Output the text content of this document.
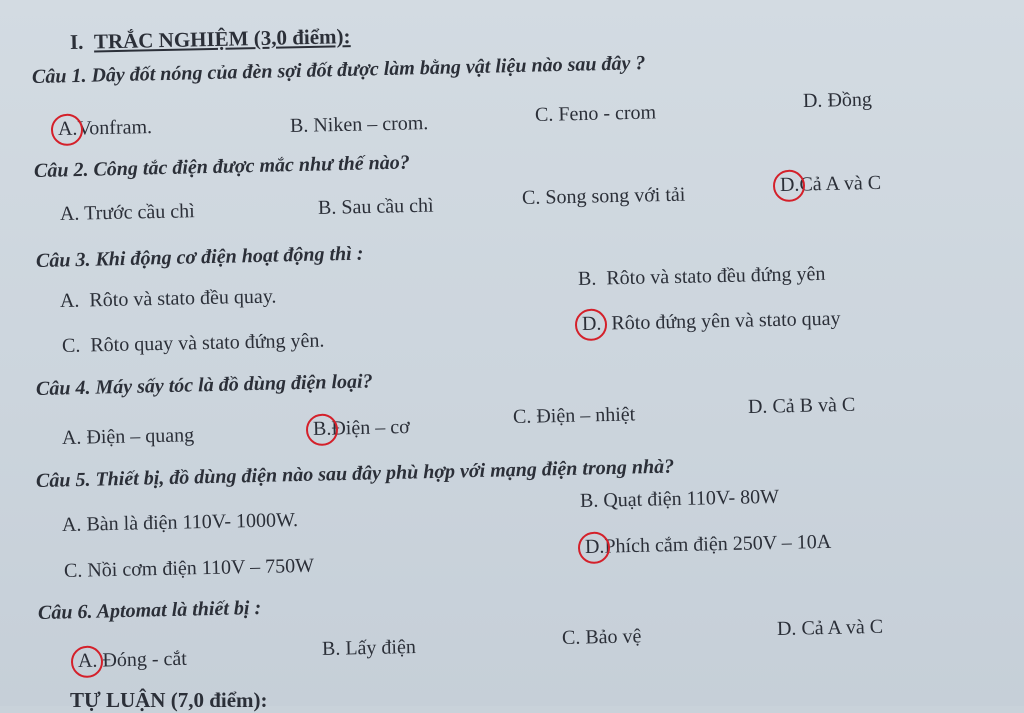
I. TRẮC NGHIỆM (3,0 điểm):
Câu 1. Dây đốt nóng của đèn sợi đốt được làm bằng vật liệu nào sau đây ?
A.Vonfram.	B. Niken – crom.	C. Feno - crom
D. Đồng
Câu 2. Công tắc điện được mắc như thế nào?
A. Trước cầu chì	B. Sau cầu chì	C. Song song với tải	D.Cả A và C
Câu 3. Khi động cơ điện hoạt động thì :
A. Rôto và stato đều quay.
B. Rôto và stato đều đứng yên
C. Rôto quay và stato đứng yên.
D. Rôto đứng yên và stato quay
Câu 4. Máy sấy tóc là đồ dùng điện loại?
A. Điện – quang	B.Điện – cơ	C. Điện – nhiệt	D. Cả B và C
Câu 5. Thiết bị, đồ dùng điện nào sau đây phù hợp với mạng điện trong nhà?
A. Bàn là điện 110V- 1000W.
B. Quạt điện 110V- 80W
C. Nồi cơm điện 110V – 750W
D.Phích cắm điện 250V – 10A
Câu 6. Aptomat là thiết bị :
A. Đóng - cắt	B. Lấy điện	C. Bảo vệ	D. Cả A và C
TỰ LUẬN (7,0 điểm):
